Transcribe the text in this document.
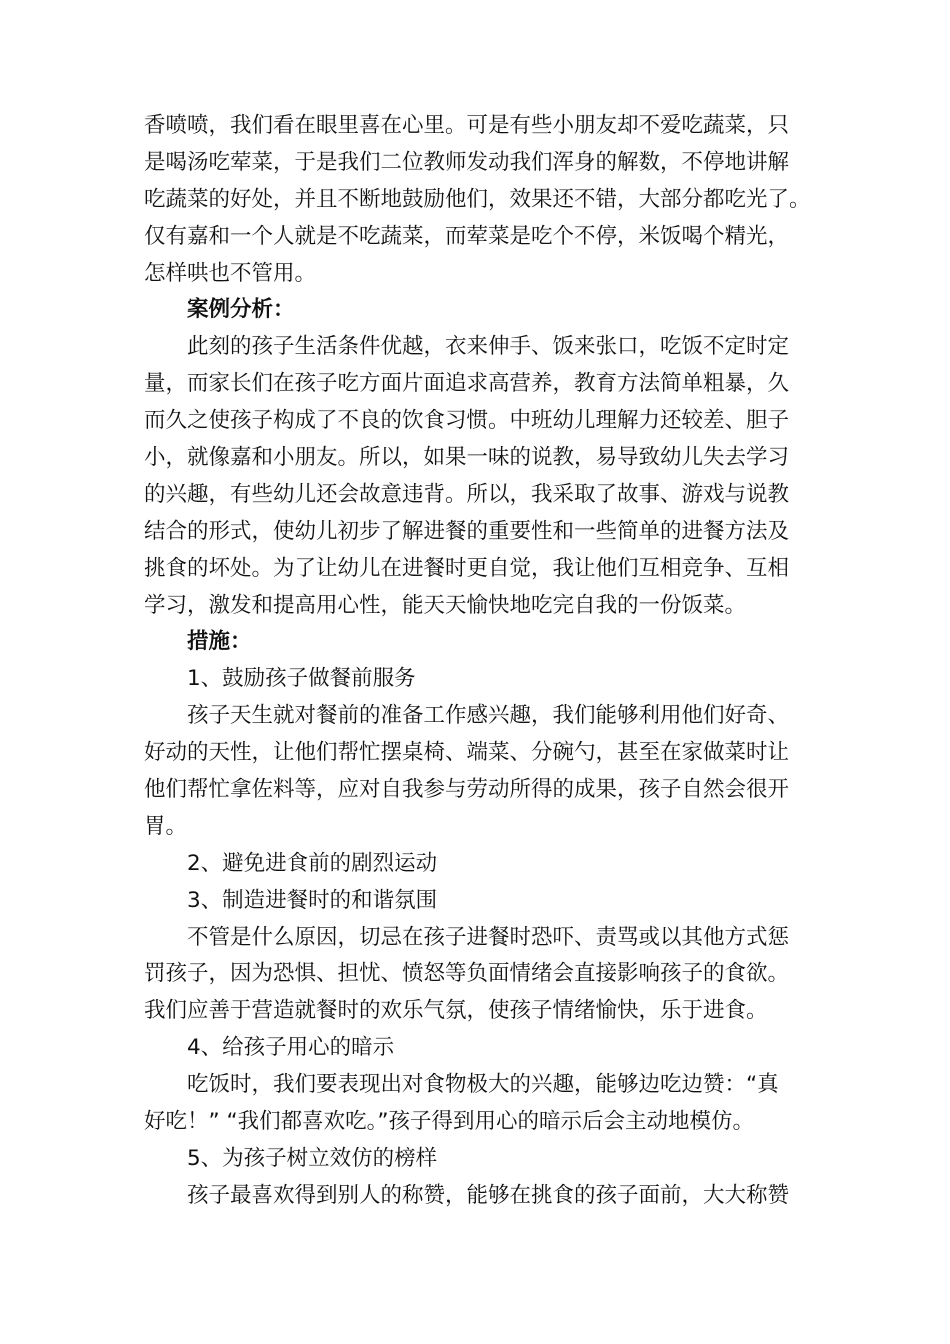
香喷喷，我们看在眼里喜在心里。可是有些小朋友却不爱吃蔬菜，只
是喝汤吃荤菜，于是我们二位教师发动我们浑身的解数，不停地讲解
吃蔬菜的好处，并且不断地鼓励他们，效果还不错，大部分都吃光了。
仅有嘉和一个人就是不吃蔬菜，而荤菜是吃个不停，米饭喝个精光，
怎样哄也不管用。
案例分析：
此刻的孩子生活条件优越，衣来伸手、饭来张口，吃饭不定时定
量，而家长们在孩子吃方面片面追求高营养，教育方法简单粗暴，久
而久之使孩子构成了不良的饮食习惯。中班幼儿理解力还较差、胆子
小，就像嘉和小朋友。所以，如果一味的说教，易导致幼儿失去学习
的兴趣，有些幼儿还会故意违背。所以，我采取了故事、游戏与说教
结合的形式，使幼儿初步了解进餐的重要性和一些简单的进餐方法及
挑食的坏处。为了让幼儿在进餐时更自觉，我让他们互相竞争、互相
学习，激发和提高用心性，能天天愉快地吃完自我的一份饭菜。
措施：
1、鼓励孩子做餐前服务
孩子天生就对餐前的准备工作感兴趣，我们能够利用他们好奇、
好动的天性，让他们帮忙摆桌椅、端菜、分碗勺，甚至在家做菜时让
他们帮忙拿佐料等，应对自我参与劳动所得的成果，孩子自然会很开
胃。
2、避免进食前的剧烈运动
3、制造进餐时的和谐氛围
不管是什么原因，切忌在孩子进餐时恐吓、责骂或以其他方式惩
罚孩子，因为恐惧、担忧、愤怒等负面情绪会直接影响孩子的食欲。
我们应善于营造就餐时的欢乐气氛，使孩子情绪愉快，乐于进食。
4、给孩子用心的暗示
吃饭时，我们要表现出对食物极大的兴趣，能够边吃边赞：“真
好吃！” “我们都喜欢吃。”孩子得到用心的暗示后会主动地模仿。
5、为孩子树立效仿的榜样
孩子最喜欢得到别人的称赞，能够在挑食的孩子面前，大大称赞
